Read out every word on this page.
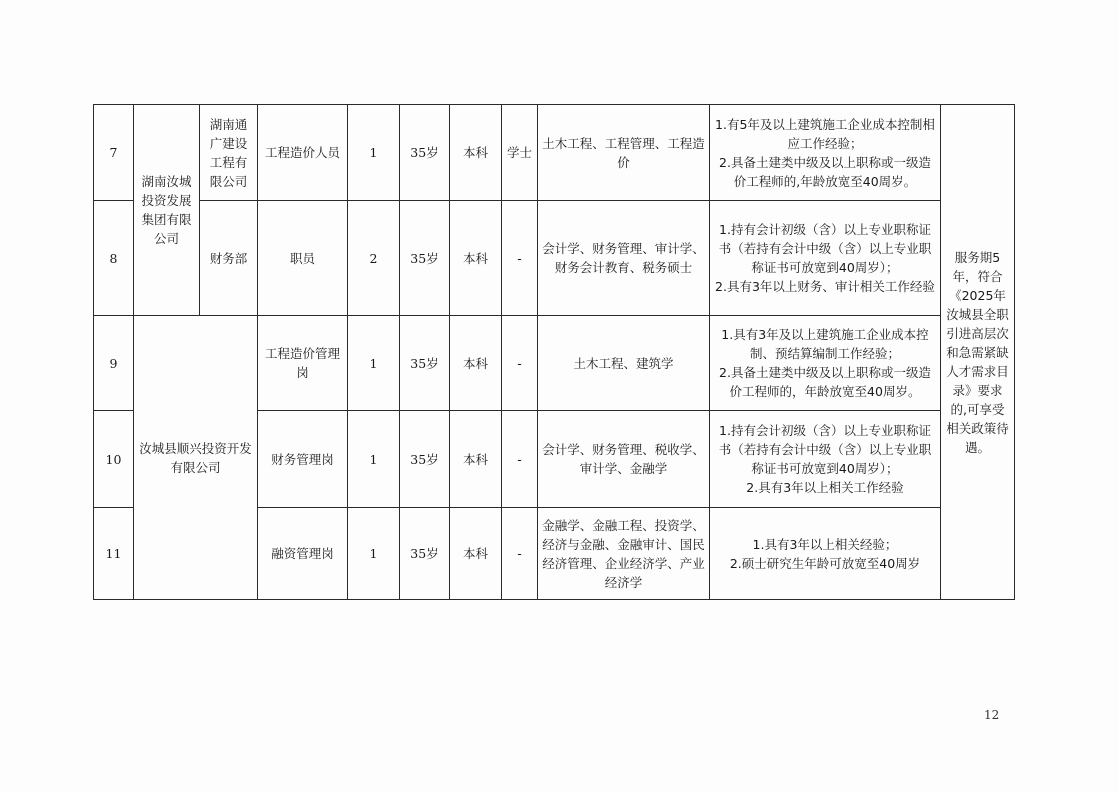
7	湖南汝城投资发展集团有限公司	湖南通广建设工程有限公司	工程造价人员	1	35岁	本科	学士	土木工程、工程管理、工程造价	1.有5年及以上建筑施工企业成本控制相应工作经验；
2.具备土建类中级及以上职称或一级造价工程师的,年龄放宽至40周岁。	服务期5年，符合《2025年汝城县全职引进高层次和急需紧缺人才需求目录》要求的,可享受相关政策待遇。
8		财务部	职员	2	35岁	本科	-	会计学、财务管理、审计学、财务会计教育、税务硕士	1.持有会计初级（含）以上专业职称证书（若持有会计中级（含）以上专业职称证书可放宽到40周岁）；
2.具有3年以上财务、审计相关工作经验	

9	汝城县顺兴投资开发有限公司		工程造价管理岗	1	35岁	本科	-	土木工程、建筑学	1.具有3年及以上建筑施工企业成本控制、预结算编制工作经验；
2.具备土建类中级及以上职称或一级造价工程师的，年龄放宽至40周岁。	

10			财务管理岗	1	35岁	本科	-	会计学、财务管理、税收学、审计学、金融学	1.持有会计初级（含）以上专业职称证书（若持有会计中级（含）以上专业职称证书可放宽到40周岁）；
2.具有3年以上相关工作经验	

11			融资管理岗	1	35岁	本科	-	金融学、金融工程、投资学、经济与金融、金融审计、国民经济管理、企业经济学、产业经济学	1.具有3年以上相关经验；
2.硕士研究生年龄可放宽至40周岁	
12
